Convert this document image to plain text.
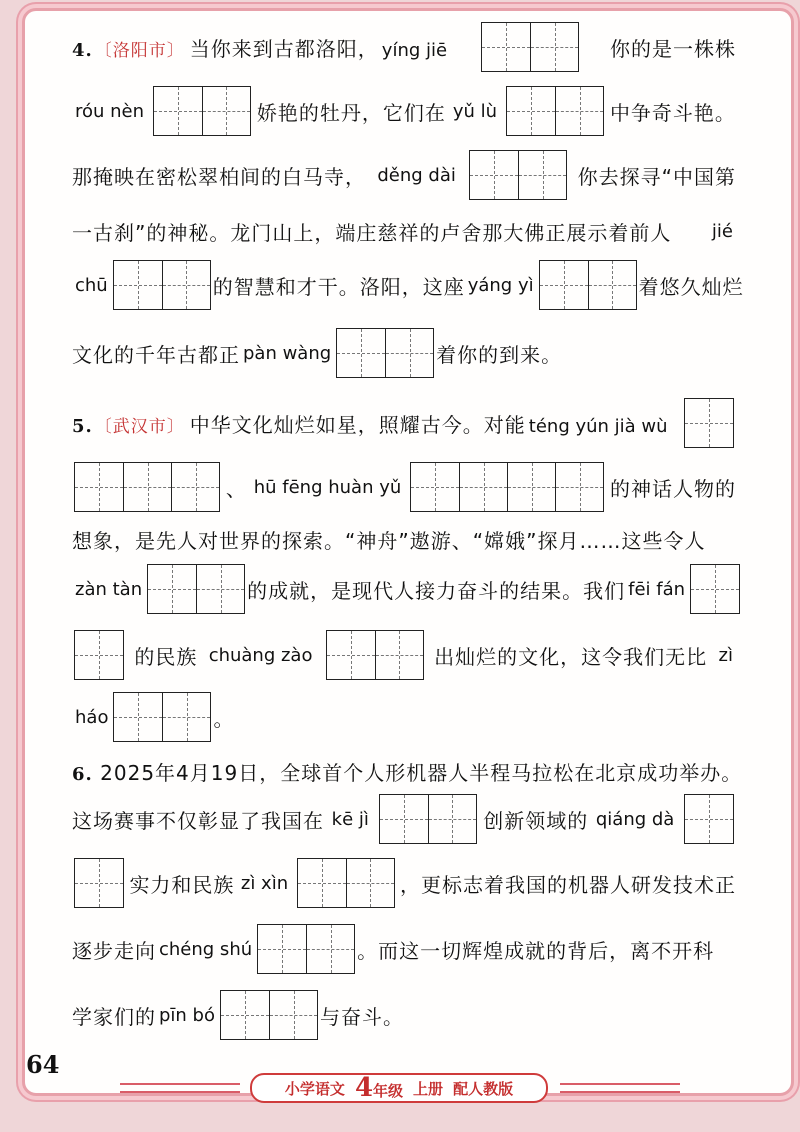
4. 〔洛阳市〕 当你来到古都洛阳， yíng jiē	你的是一株株
róu nèn	娇艳的牡丹，它们在 yǔ lù	中争奇斗艳。
那掩映在密松翠柏间的白马寺， děng dài	你去探寻“中国第
一古刹”的神秘。龙门山上，端庄慈祥的卢舍那大佛正展示着前人 jié
chū	的智慧和才干。洛阳，这座 yáng yì	着悠久灿烂
文化的千年古都正 pàn wàng	着你的到来。
5. 〔武汉市〕 中华文化灿烂如星，照耀古今。对能 téng yún jià wù
、 hū fēng huàn yǔ	的神话人物的
想象，是先人对世界的探索。“神舟”遨游、“嫦娥”探月……这些令人
zàn tàn	的成就，是现代人接力奋斗的结果。我们 fēi fán
的民族 chuàng zào	出灿烂的文化，这令我们无比 zì
háo	。
6. 2025年4月19日，全球首个人形机器人半程马拉松在北京成功举办。
这场赛事不仅彰显了我国在 kē jì	创新领域的 qiáng dà
实力和民族 zì xìn	，更标志着我国的机器人研发技术正
逐步走向 chéng shú	。而这一切辉煌成就的背后，离不开科
学家们的 pīn bó	与奋斗。
64
小学语文 4年级 上册 配人教版
